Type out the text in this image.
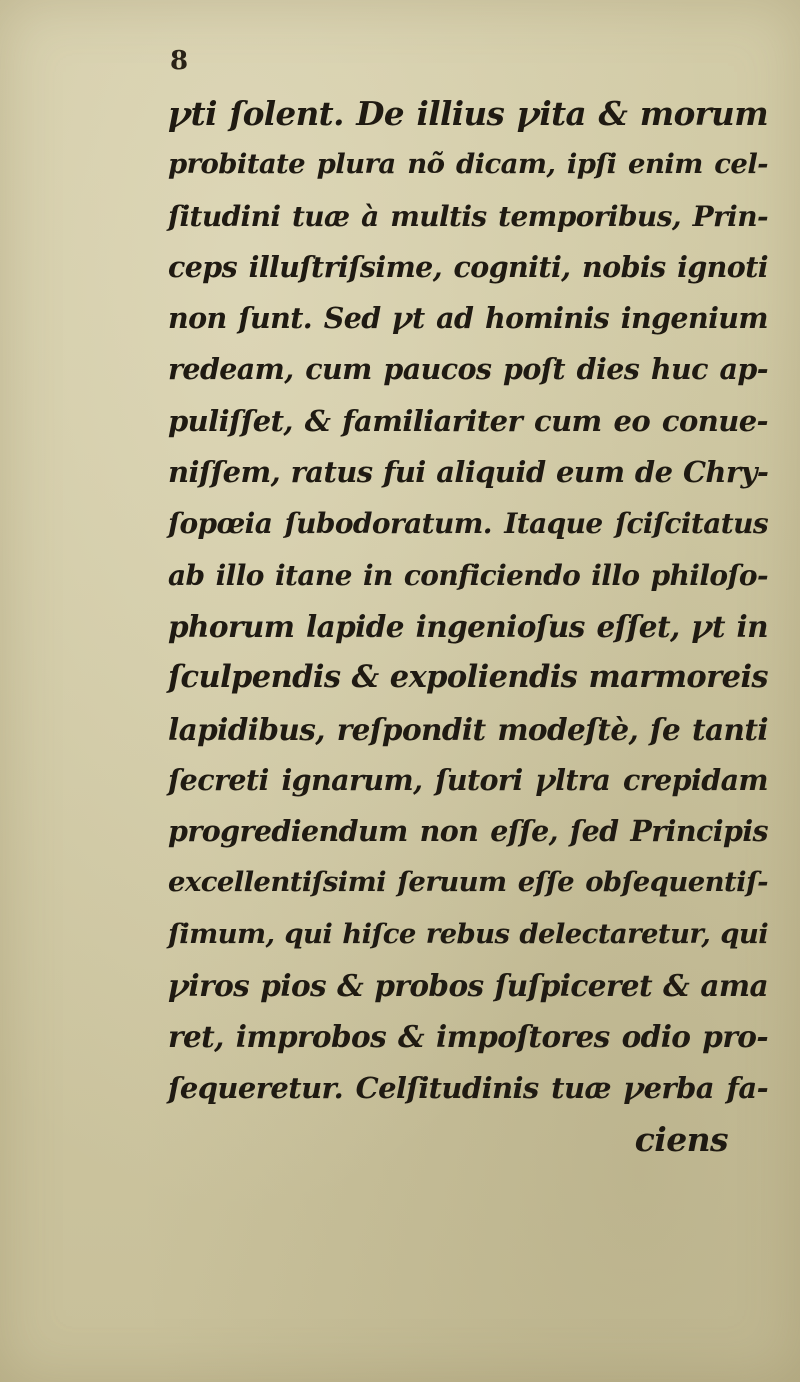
8
ꝩti ſolent. De illius ꝩita & morum
probitate plura nõ dicam, ipſi enim cel-
ſitudini tuæ à multis temporibus, Prin-
ceps illuſtriſsime, cogniti, nobis ignoti
non ſunt. Sed ꝩt ad hominis ingenium
redeam, cum paucos poſt dies huc ap-
puliſſet, & familiariter cum eo conue-
niſſem, ratus fui aliquid eum de Chry-
ſopœia ſubodoratum. Itaque ſciſcitatus
ab illo itane in conficiendo illo philoſo-
phorum lapide ingenioſus eſſet, ꝩt in
ſculpendis & expoliendis marmoreis
lapidibus, reſpondit modeſtè, ſe tanti
ſecreti ignarum, ſutori ꝩltra crepidam
progrediendum non eſſe, ſed Principis
excellentiſsimi ſeruum eſſe obſequentiſ-
ſimum, qui hiſce rebus delectaretur, qui
ꝩiros pios & probos ſuſpiceret & ama
ret, improbos & impoſtores odio pro-
ſequeretur. Celſitudinis tuæ ꝩerba fa-
ciens
